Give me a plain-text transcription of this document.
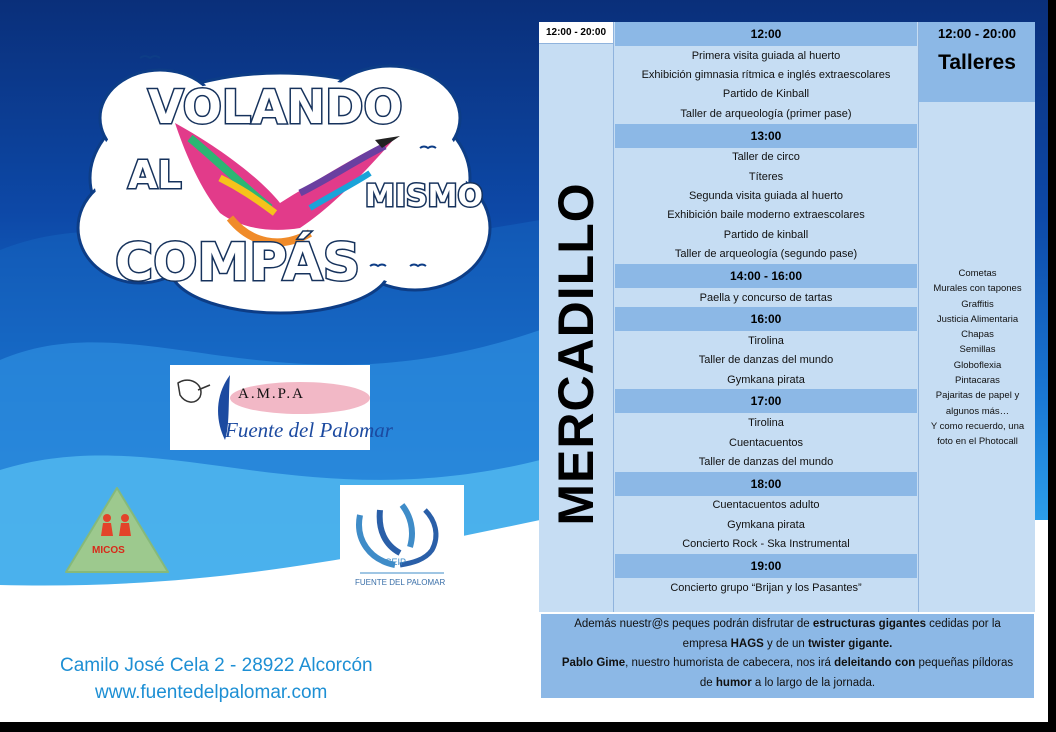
VOLANDO
AL	MISMO
COMPÁS
A.M.P.A
Fuente del Palomar
MICOS
CEIP
FUENTE DEL PALOMAR
Camilo José Cela 2 - 28922 Alcorcón
www.fuentedelpalomar.com
12:00 - 20:00
MERCADILLO
12:00
Primera visita guiada al huerto
Exhibición gimnasia rítmica e inglés extraescolares
Partido de Kinball
Taller de arqueología (primer pase)
13:00
Taller de circo
Títeres
Segunda visita guiada al huerto
Exhibición baile moderno extraescolares
Partido de kinball
Taller de arqueología (segundo pase)
14:00 - 16:00
Paella y concurso de tartas
16:00
Tirolina
Taller de danzas del mundo
Gymkana pirata
17:00
Tirolina
Cuentacuentos
Taller de danzas del mundo
18:00
Cuentacuentos adulto
Gymkana pirata
Concierto Rock - Ska Instrumental
19:00
Concierto grupo “Brijan y los Pasantes”
12:00 - 20:00
Talleres
Cometas
Murales con tapones
Graffitis
Justicia Alimentaria
Chapas
Semillas
Globoflexia
Pintacaras
Pajaritas de papel y
algunos más…
Y como recuerdo, una
foto en el Photocall
Además nuestr@s peques podrán disfrutar de estructuras gigantes cedidas por la
empresa HAGS y de un twister gigante.
Pablo Gime, nuestro humorista de cabecera, nos irá deleitando con pequeñas píldoras
de humor a lo largo de la jornada.
